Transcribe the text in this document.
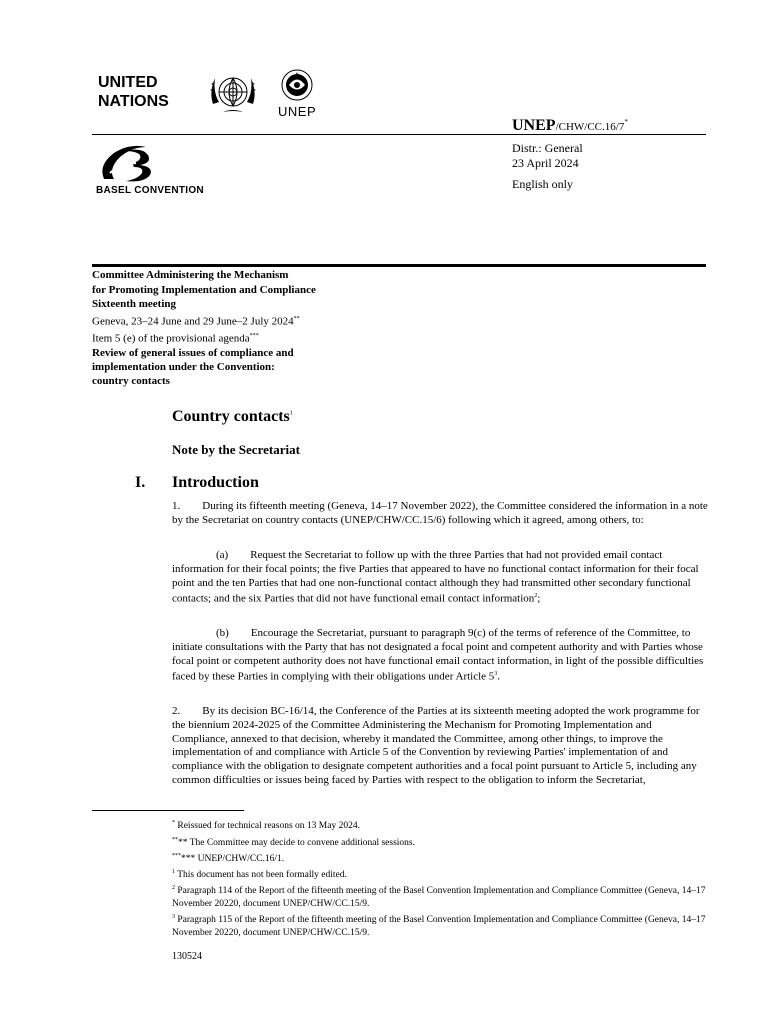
UNITED
NATIONS
UNEP
UNEP/CHW/CC.16/7*
Distr.: General
23 April 2024
English only
BASEL CONVENTION
Committee Administering the Mechanism
for Promoting Implementation and Compliance
Sixteenth meeting
Geneva, 23–24 June and 29 June–2 July 2024**
Item 5 (e) of the provisional agenda***
Review of general issues of compliance and
implementation under the Convention:
country contacts
Country contacts$^1$
Note by the Secretariat
I. Introduction
1.  During its fifteenth meeting (Geneva, 14–17 November 2022), the Committee considered the information in a note by the Secretariat on country contacts (UNEP/CHW/CC.15/6) following which it agreed, among others, to:
    (a)  Request the Secretariat to follow up with the three Parties that had not provided email contact information for their focal points; the five Parties that appeared to have no functional contact information for their focal point and the ten Parties that had one non-functional contact although they had transmitted other secondary functional contacts; and the six Parties that did not have functional email contact information$^2$;
    (b)  Encourage the Secretariat, pursuant to paragraph 9(c) of the terms of reference of the Committee, to initiate consultations with the Party that has not designated a focal point and competent authority and with Parties whose focal point or competent authority does not have functional email contact information, in light of the possible difficulties faced by these Parties in complying with their obligations under Article $5^3$.
2.  By its decision BC-16/14, the Conference of the Parties at its sixteenth meeting adopted the work programme for the biennium 2024-2025 of the Committee Administering the Mechanism for Promoting Implementation and Compliance, annexed to that decision, whereby it mandated the Committee, among other things, to improve the implementation of and compliance with Article 5 of the Convention by reviewing Parties' implementation of and compliance with the obligation to designate competent authorities and a focal point pursuant to Article 5, including any common difficulties or issues being faced by Parties with respect to the obligation to inform the Secretariat,
* Reissued for technical reasons on 13 May 2024.
**** The Committee may decide to convene additional sessions.
****** UNEP/CHW/CC.16/1.
$^1$ This document has not been formally edited.
$^2$ Paragraph 114 of the Report of the fifteenth meeting of the Basel Convention Implementation and Compliance Committee (Geneva, 14–17 November 20220, document UNEP/CHW/CC.15/9.
$^3$ Paragraph 115 of the Report of the fifteenth meeting of the Basel Convention Implementation and Compliance Committee (Geneva, 14–17 November 20220, document UNEP/CHW/CC.15/9.
130524
